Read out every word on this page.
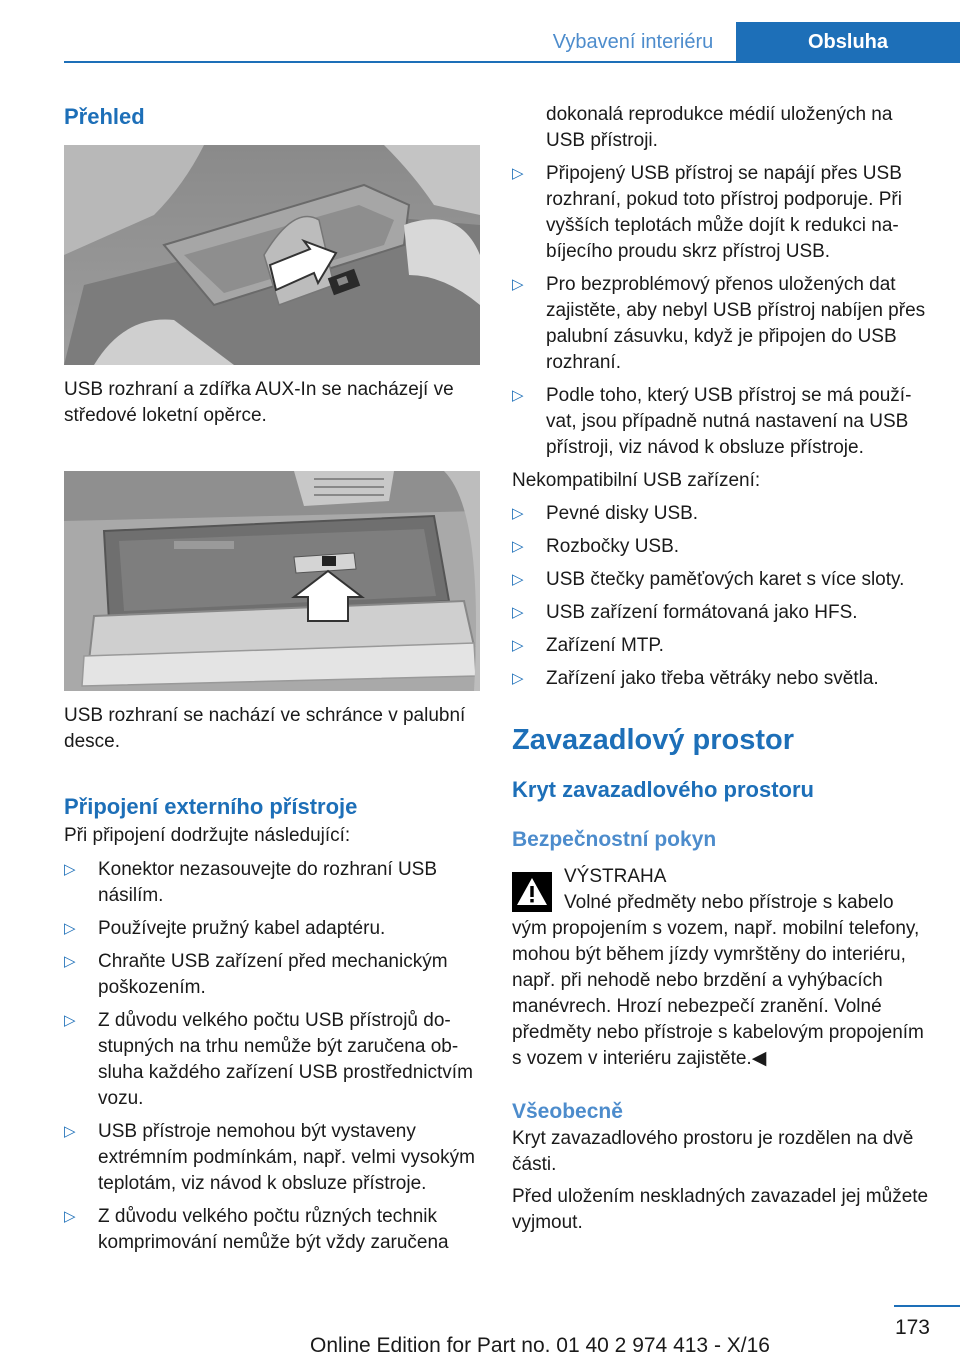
Vybavení interiéru	Obsluha
Přehled

USB rozhraní a zdířka AUX-In se nacházejí ve středové loketní opěrce.

USB rozhraní se nachází ve schránce v palubní desce.

Připojení externího přístroje

Při připojení dodržujte následující:

▷ Konektor nezasouvejte do rozhraní USB násilím.
▷ Používejte pružný kabel adaptéru.
▷ Chraňte USB zařízení před mechanickým poškozením.
▷ Z důvodu velkého počtu USB přístrojů dostupných na trhu nemůže být zaručena obsluha každého zařízení USB prostřednictvím vozu.
▷ USB přístroje nemohou být vystaveny extrémním podmínkám, např. velmi vysokým teplotám, viz návod k obsluze přístroje.
▷ Z důvodu velkého počtu různých technik komprimování nemůže být vždy zaručena

dokonalá reprodukce médií uložených na USB přístroji.

▷ Připojený USB přístroj se napájí přes USB rozhraní, pokud toto přístroj podporuje. Při vyšších teplotách může dojít k redukci nabíjecího proudu skrz přístroj USB.
▷ Pro bezproblémový přenos uložených dat zajistěte, aby nebyl USB přístroj nabíjen přes palubní zásuvku, když je připojen do USB rozhraní.
▷ Podle toho, který USB přístroj se má používat, jsou případně nutná nastavení na USB přístroji, viz návod k obsluze přístroje.

Nekompatibilní USB zařízení:

▷ Pevné disky USB.
▷ Rozbočky USB.
▷ USB čtečky paměťových karet s více sloty.
▷ USB zařízení formátovaná jako HFS.
▷ Zařízení MTP.
▷ Zařízení jako třeba větráky nebo světla.
Zavazadlový prostor
Kryt zavazadlového prostoru
Bezpečnostní pokyn

VÝSTRAHA

Volné předměty nebo přístroje s kabelo

vým propojením s vozem, např. mobilní telefony, mohou být během jízdy vymrštěny do interiéru, např. při nehodě nebo brzdění a vyhýbacích manévrech. Hrozí nebezpečí zranění. Volné předměty nebo přístroje s kabelovým propojením s vozem v interiéru zajistěte.◀

Všeobecně

Kryt zavazadlového prostoru je rozdělen na dvě části.

Před uložením neskladných zavazadel jej můžete vyjmout.

173
Online Edition for Part no. 01 40 2 974 413 - X/16
